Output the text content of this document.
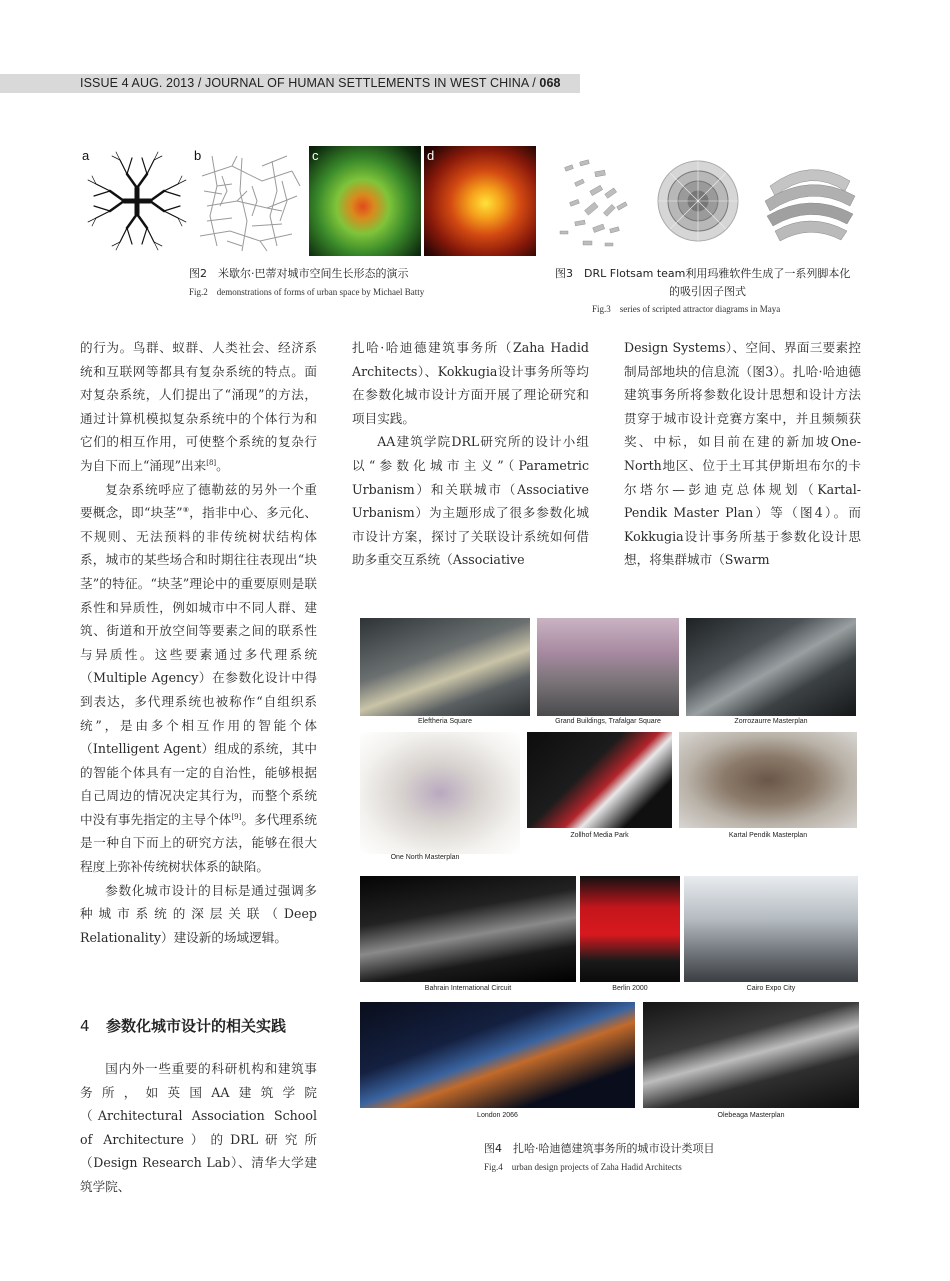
ISSUE 4 AUG. 2013 / JOURNAL OF HUMAN SETTLEMENTS IN WEST CHINA / 068
a	b	c	d
图2　米歇尔·巴蒂对城市空间生长形态的演示
Fig.2　demonstrations of forms of urban space by Michael Batty
图3　DRL Flotsam team利用玛雅软件生成了一系列脚本化
的吸引因子图式
Fig.3　series of scripted attractor diagrams in Maya

的行为。鸟群、蚁群、人类社会、经济系统和互联网等都具有复杂系统的特点。面对复杂系统，人们提出了“涌现”的方法，通过计算机模拟复杂系统中的个体行为和它们的相互作用，可使整个系统的复杂行为自下而上“涌现”出来[8]。

复杂系统呼应了德勒兹的另外一个重要概念，即“块茎”⑧，指非中心、多元化、不规则、无法预料的非传统树状结构体系，城市的某些场合和时期往往表现出“块茎”的特征。“块茎”理论中的重要原则是联系性和异质性，例如城市中不同人群、建筑、街道和开放空间等要素之间的联系性与异质性。这些要素通过多代理系统（Multiple Agency）在参数化设计中得到表达，多代理系统也被称作“自组织系统”，是由多个相互作用的智能个体（Intelligent Agent）组成的系统，其中的智能个体具有一定的自治性，能够根据自己周边的情况决定其行为，而整个系统中没有事先指定的主导个体[9]。多代理系统是一种自下而上的研究方法，能够在很大程度上弥补传统树状体系的缺陷。

参数化城市设计的目标是通过强调多种城市系统的深层关联（Deep Relationality）建设新的场域逻辑。

4 参数化城市设计的相关实践

国内外一些重要的科研机构和建筑事务所，如英国AA建筑学院（Architectural Association School of Architecture）的DRL研究所（Design Research Lab）、清华大学建筑学院、

扎哈·哈迪德建筑事务所（Zaha Hadid Architects）、Kokkugia设计事务所等均在参数化城市设计方面开展了理论研究和项目实践。

AA建筑学院DRL研究所的设计小组以“参数化城市主义”（Parametric Urbanism）和关联城市（Associative Urbanism）为主题形成了很多参数化城市设计方案，探讨了关联设计系统如何借助多重交互系统（Associative

Design Systems）、空间、界面三要素控制局部地块的信息流（图3）。扎哈·哈迪德建筑事务所将参数化设计思想和设计方法贯穿于城市设计竞赛方案中，并且频频获奖、中标，如目前在建的新加坡One-North地区、位于土耳其伊斯坦布尔的卡尔塔尔—彭迪克总体规划（Kartal-Pendik Master Plan）等（图4）。而Kokkugia设计事务所基于参数化设计思想，将集群城市（Swarm

Eleftheria Square	Grand Buildings, Trafalgar Square	Zorrozaurre Masterplan
One North Masterplan
Zollhof Media Park	Kartal Pendik Masterplan
Bahrain International Circuit	Berlin 2000	Cairo Expo City
London 2066	Olebeaga Masterplan
图4　扎哈·哈迪德建筑事务所的城市设计类项目
Fig.4　urban design projects of Zaha Hadid Architects
